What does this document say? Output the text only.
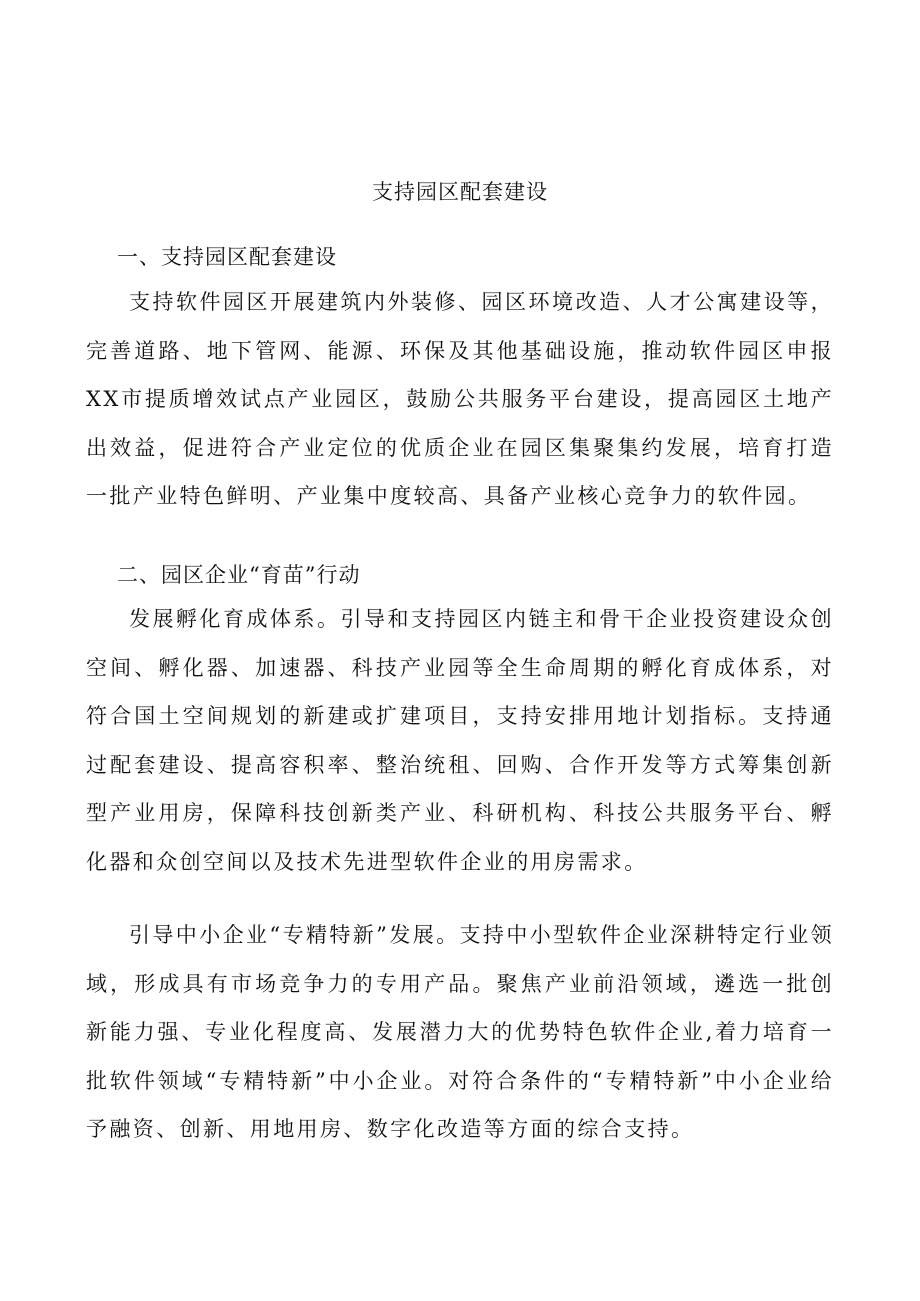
支持园区配套建设
一、支持园区配套建设

支持软件园区开展建筑内外装修、园区环境改造、人才公寓建设等，完善道路、地下管网、能源、环保及其他基础设施，推动软件园区申报XX市提质增效试点产业园区，鼓励公共服务平台建设，提高园区土地产出效益，促进符合产业定位的优质企业在园区集聚集约发展，培育打造一批产业特色鲜明、产业集中度较高、具备产业核心竞争力的软件园。

二、园区企业“育苗”行动

发展孵化育成体系。引导和支持园区内链主和骨干企业投资建设众创空间、孵化器、加速器、科技产业园等全生命周期的孵化育成体系，对符合国土空间规划的新建或扩建项目，支持安排用地计划指标。支持通过配套建设、提高容积率、整治统租、回购、合作开发等方式筹集创新型产业用房，保障科技创新类产业、科研机构、科技公共服务平台、孵化器和众创空间以及技术先进型软件企业的用房需求。

引导中小企业“专精特新”发展。支持中小型软件企业深耕特定行业领域，形成具有市场竞争力的专用产品。聚焦产业前沿领域，遴选一批创新能力强、专业化程度高、发展潜力大的优势特色软件企业,着力培育一批软件领域“专精特新”中小企业。对符合条件的“专精特新”中小企业给予融资、创新、用地用房、数字化改造等方面的综合支持。
